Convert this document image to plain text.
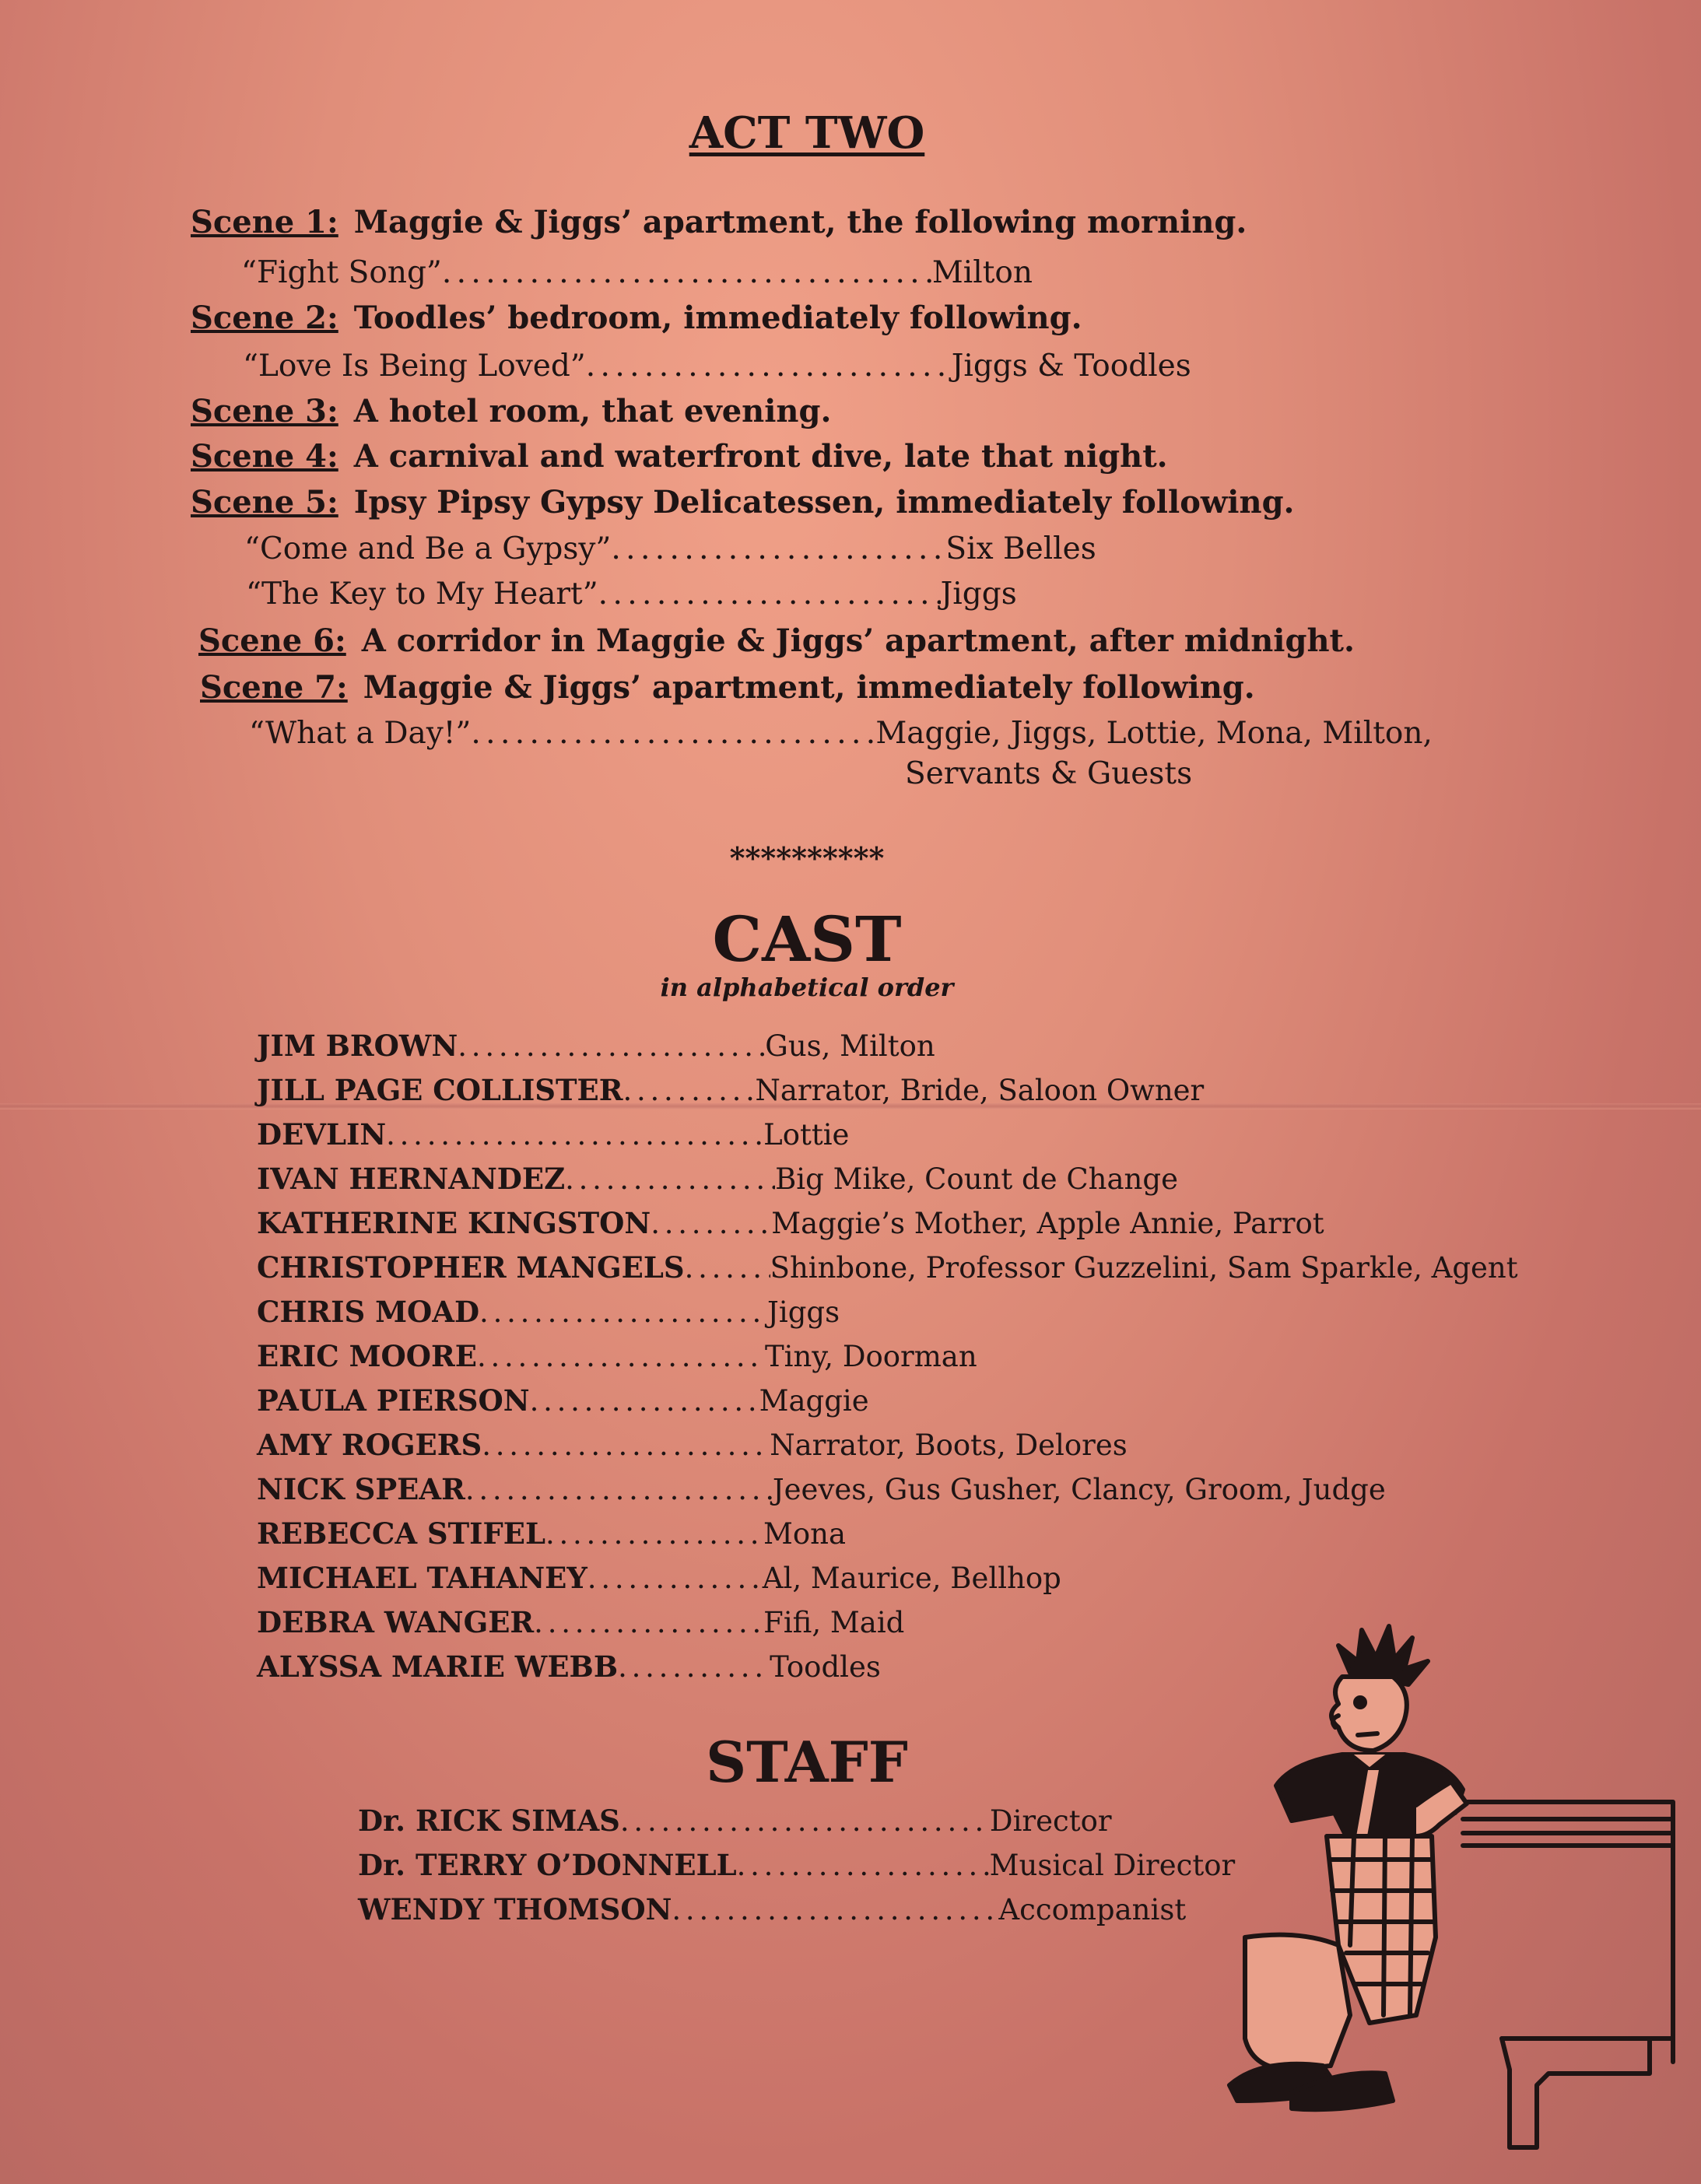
ACT TWO
Scene 1: Maggie & Jiggs’ apartment, the following morning.
“Fight Song” . . .	Milton
Scene 2: Toodles’ bedroom, immediately following.
“Love Is Being Loved” . . .	Jiggs & Toodles
Scene 3: A hotel room, that evening.
Scene 4: A carnival and waterfront dive, late that night.
Scene 5: Ipsy Pipsy Gypsy Delicatessen, immediately following.
“Come and Be a Gypsy” . . .	Six Belles
“The Key to My Heart” . . .	Jiggs
Scene 6: A corridor in Maggie & Jiggs’ apartment, after midnight.
Scene 7: Maggie & Jiggs’ apartment, immediately following.
“What a Day!” . . .	Maggie, Jiggs, Lottie, Mona, Milton,
Servants & Guests
**********
CAST
in alphabetical order
JIM BROWN . . .	Gus, Milton
JILL PAGE COLLISTER . . .	Narrator, Bride, Saloon Owner
DEVLIN . . .	Lottie
IVAN HERNANDEZ . . .	Big Mike, Count de Change
KATHERINE KINGSTON . . .	Maggie’s Mother, Apple Annie, Parrot
CHRISTOPHER MANGELS . . .	Shinbone, Professor Guzzelini, Sam Sparkle, Agent
CHRIS MOAD . . .	Jiggs
ERIC MOORE . . .	Tiny, Doorman
PAULA PIERSON . . .	Maggie
AMY ROGERS . . .	Narrator, Boots, Delores
NICK SPEAR . . .	Jeeves, Gus Gusher, Clancy, Groom, Judge
REBECCA STIFEL . . .	Mona
MICHAEL TAHANEY . . .	Al, Maurice, Bellhop
DEBRA WANGER . . .	Fifi, Maid
ALYSSA MARIE WEBB . . .	Toodles
STAFF
Dr. RICK SIMAS . . .	Director
Dr. TERRY O’DONNELL . . .	Musical Director
WENDY THOMSON . . .	Accompanist
